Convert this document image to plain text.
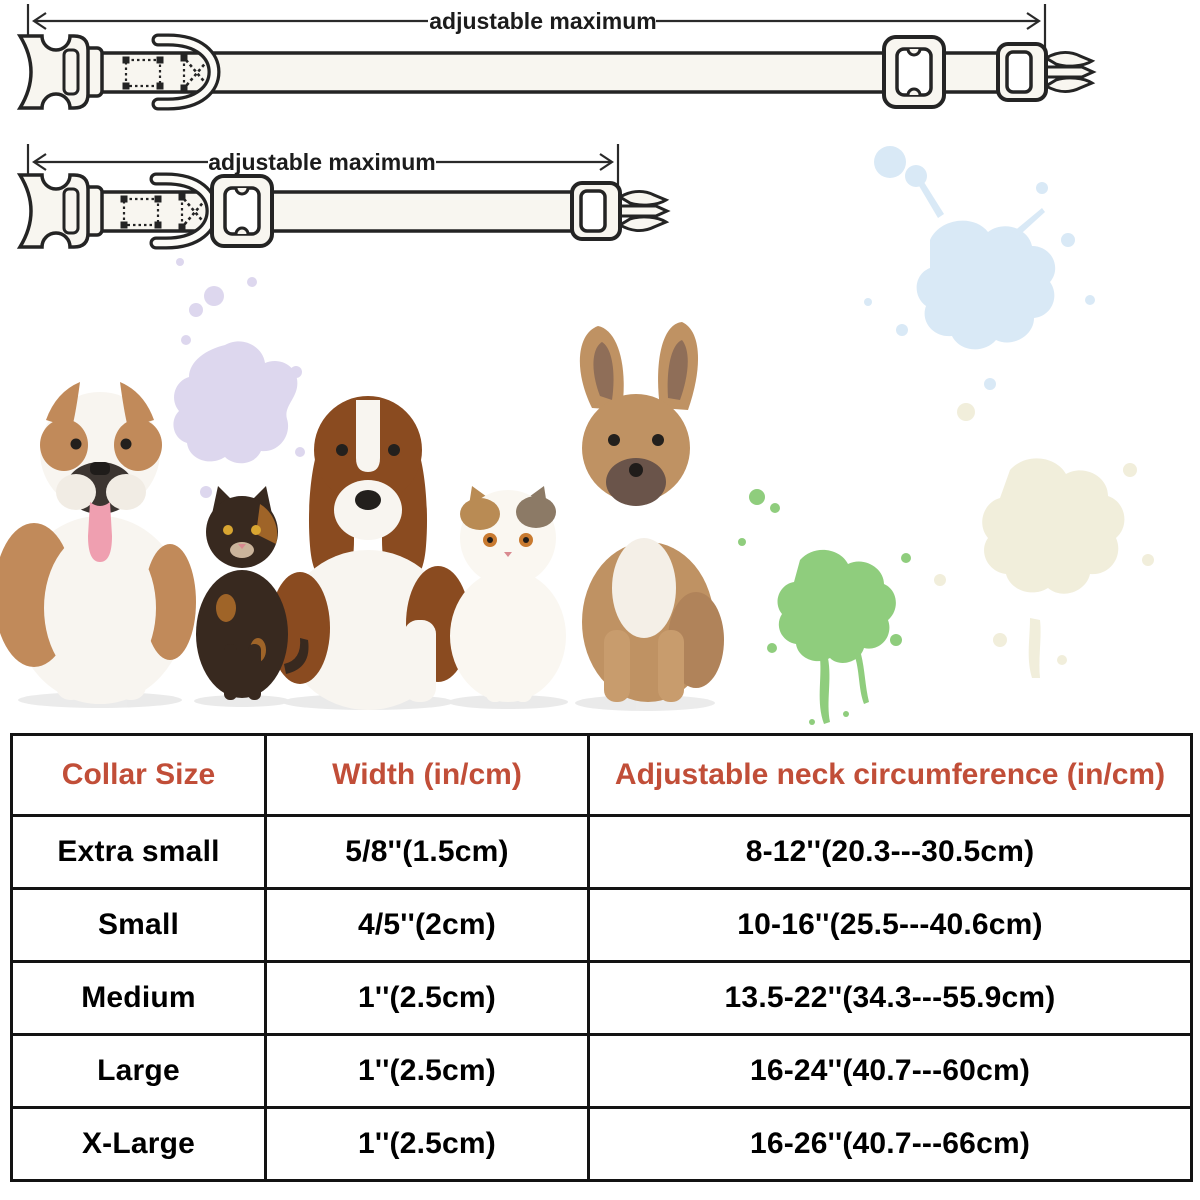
adjustable maximum
adjustable maximum
Collar Size	Width (in/cm)	Adjustable neck circumference (in/cm)
Extra small	5/8''(1.5cm)	8-12''(20.3---30.5cm)
Small	4/5''(2cm)	10-16''(25.5---40.6cm)
Medium	1''(2.5cm)	13.5-22''(34.3---55.9cm)
Large	1''(2.5cm)	16-24''(40.7---60cm)
X-Large	1''(2.5cm)	16-26''(40.7---66cm)
